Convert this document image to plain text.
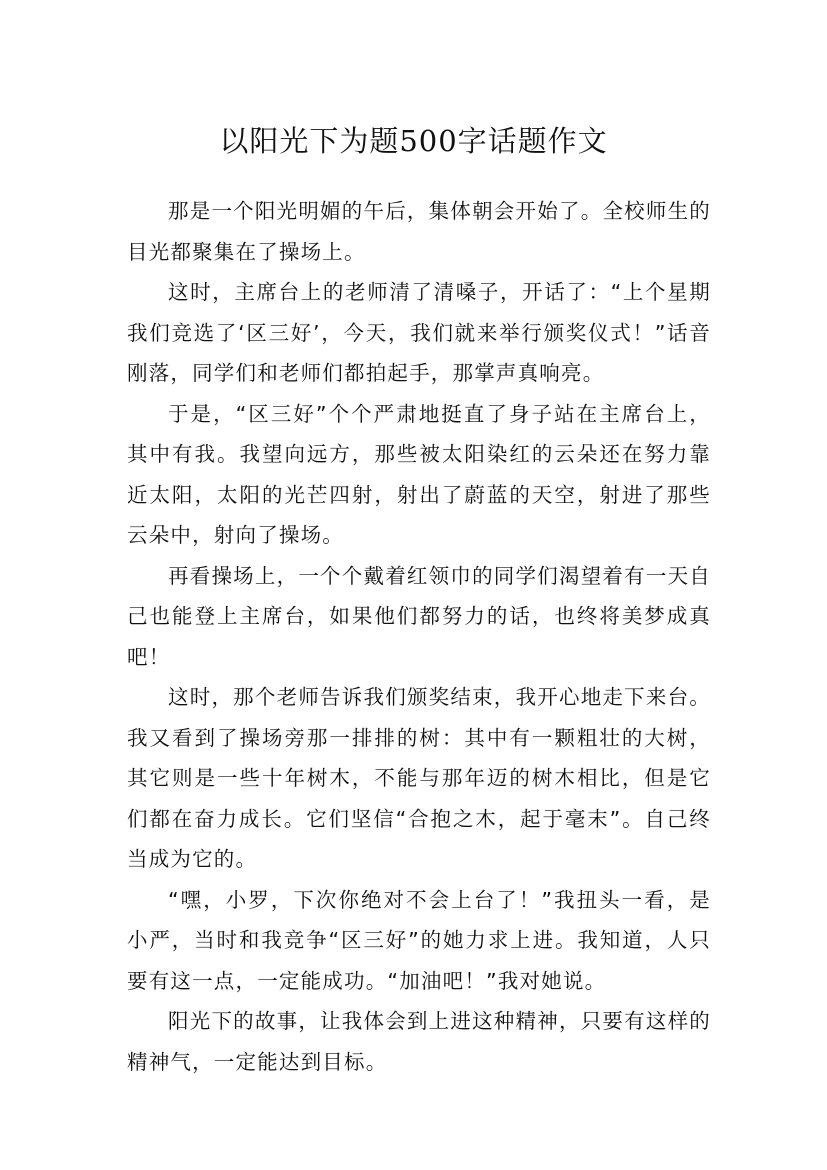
以阳光下为题500字话题作文

那是一个阳光明媚的午后，集体朝会开始了。全校师生的目光都聚集在了操场上。

这时，主席台上的老师清了清嗓子，开话了：“上个星期我们竞选了‘区三好’，今天，我们就来举行颁奖仪式！”话音刚落，同学们和老师们都拍起手，那掌声真响亮。

于是，“区三好”个个严肃地挺直了身子站在主席台上，其中有我。我望向远方，那些被太阳染红的云朵还在努力靠近太阳，太阳的光芒四射，射出了蔚蓝的天空，射进了那些云朵中，射向了操场。

再看操场上，一个个戴着红领巾的同学们渴望着有一天自己也能登上主席台，如果他们都努力的话，也终将美梦成真吧！

这时，那个老师告诉我们颁奖结束，我开心地走下来台。我又看到了操场旁那一排排的树：其中有一颗粗壮的大树，其它则是一些十年树木，不能与那年迈的树木相比，但是它们都在奋力成长。它们坚信“合抱之木，起于毫末”。自己终当成为它的。

“嘿，小罗，下次你绝对不会上台了！”我扭头一看，是小严，当时和我竞争“区三好”的她力求上进。我知道，人只要有这一点，一定能成功。“加油吧！”我对她说。

阳光下的故事，让我体会到上进这种精神，只要有这样的精神气，一定能达到目标。
